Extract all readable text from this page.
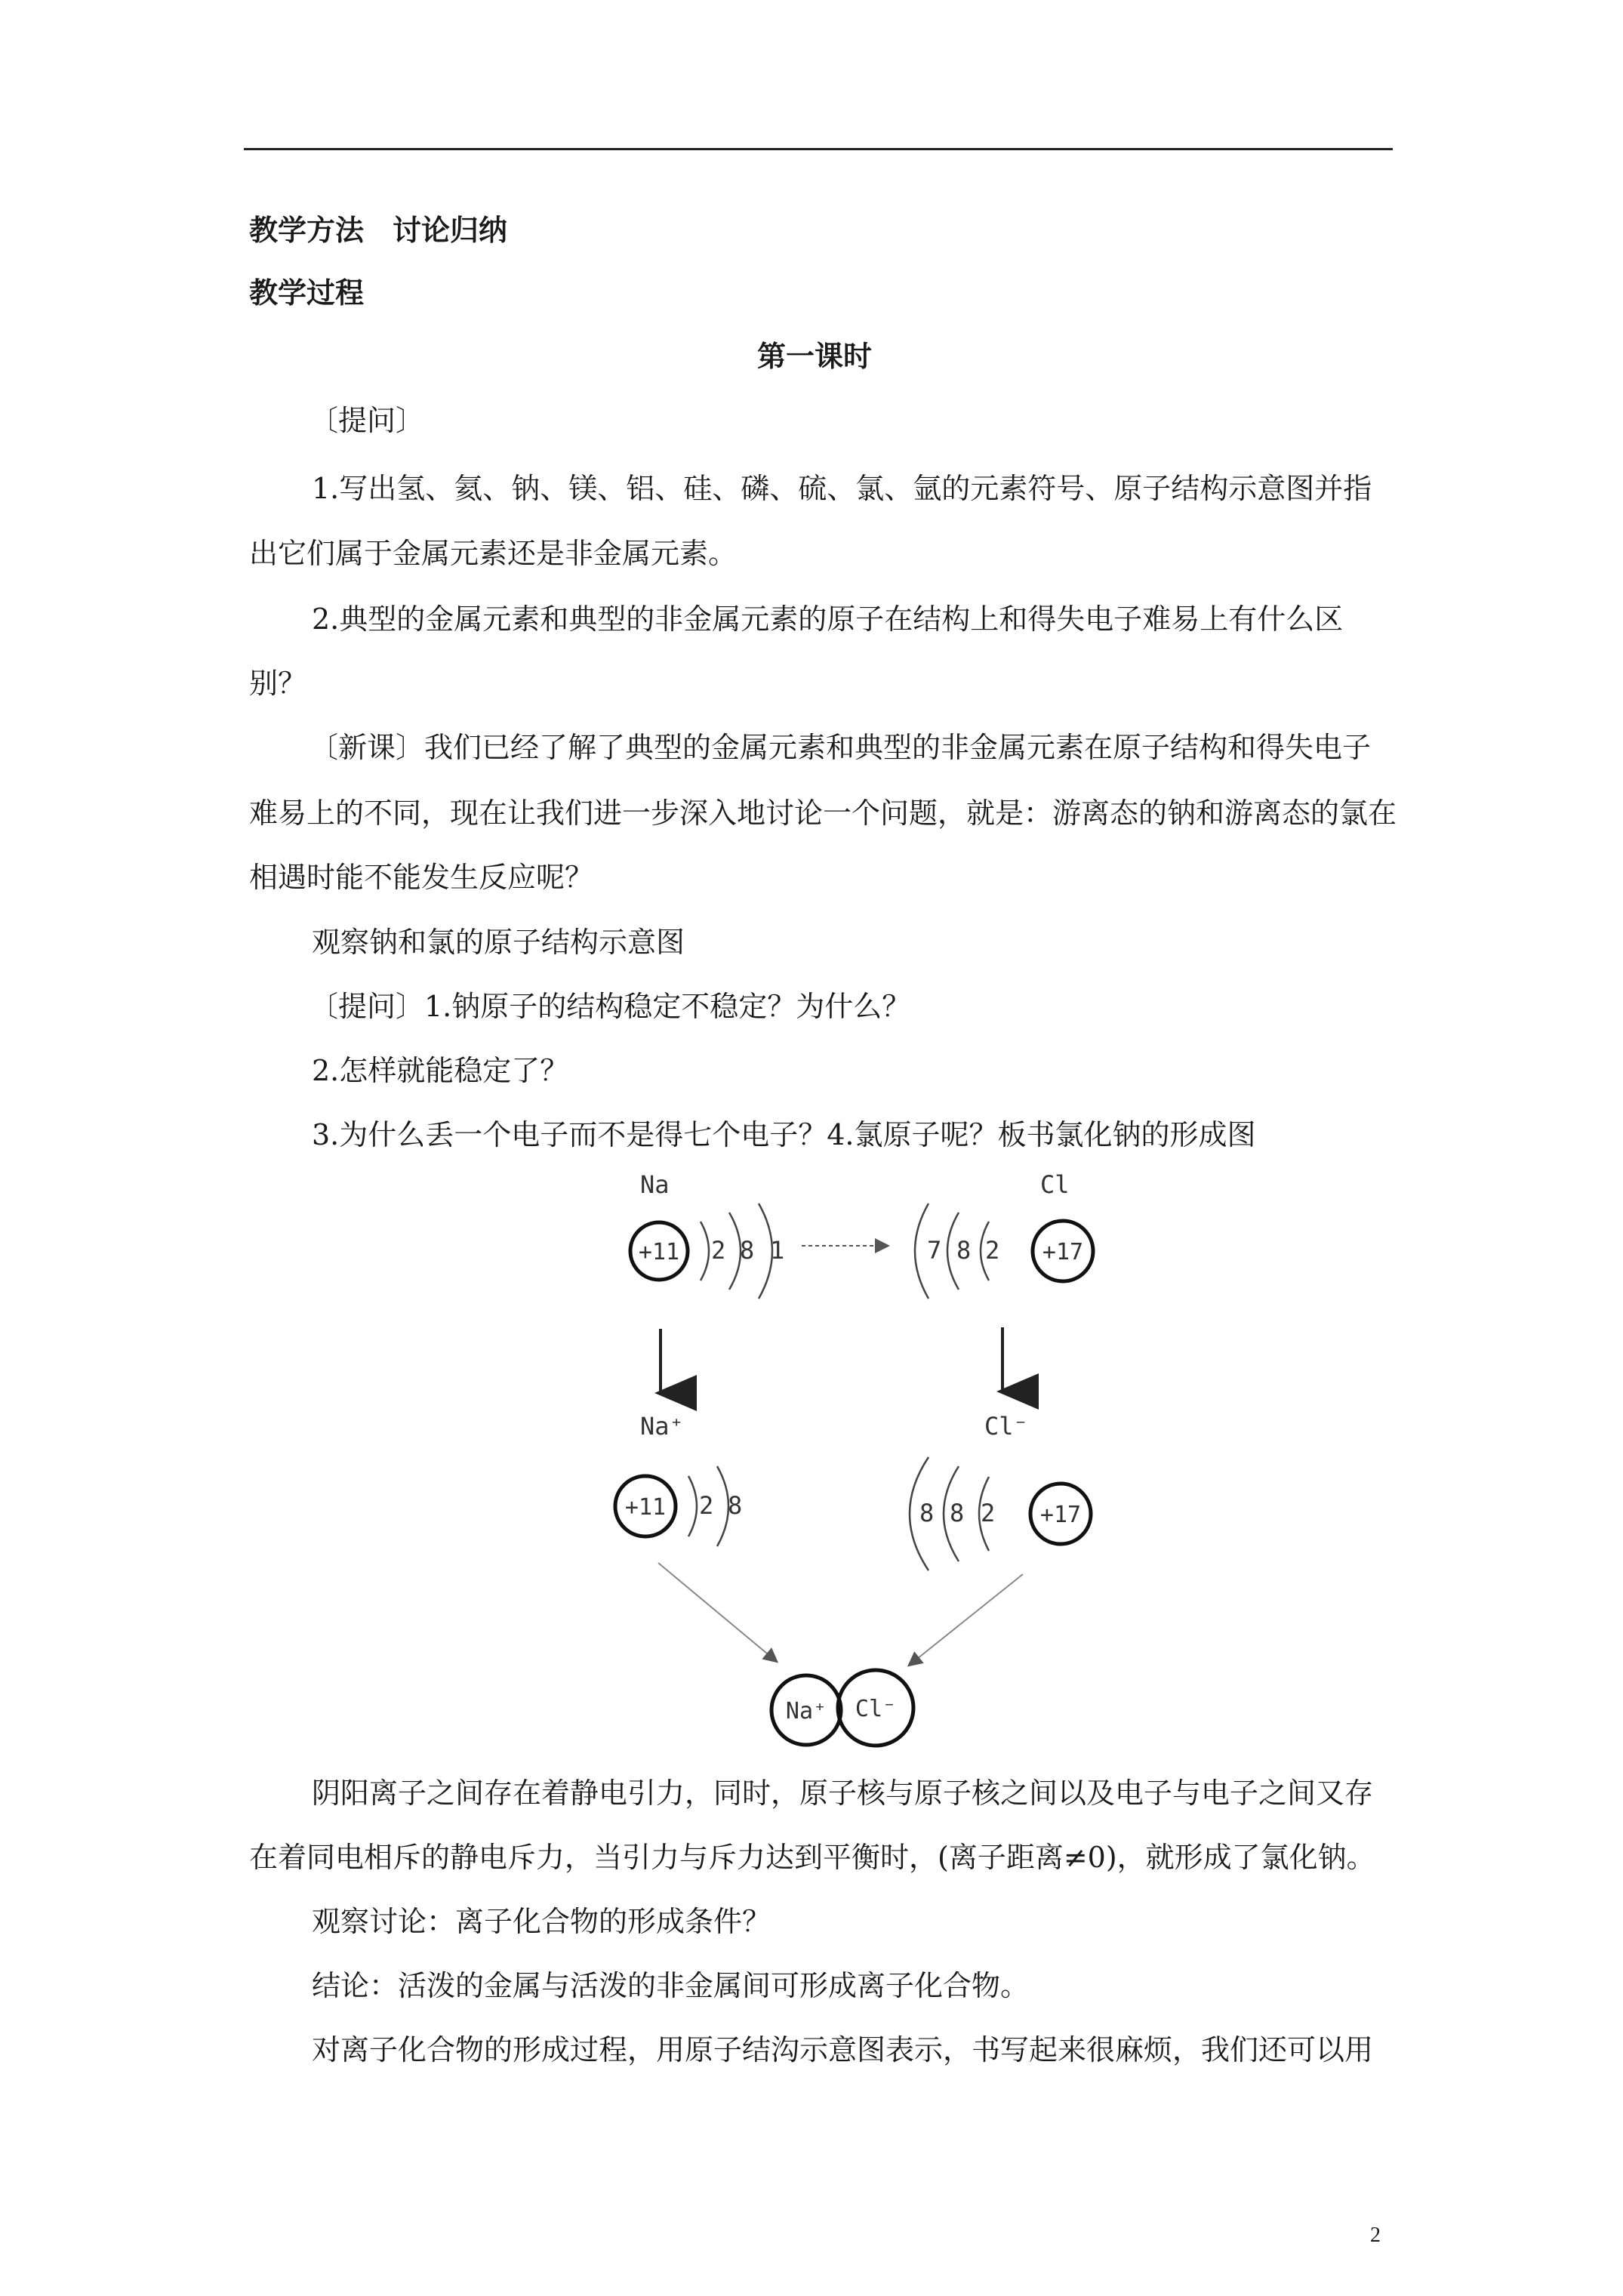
教学方法　讨论归纳
教学过程
第一课时
〔提问〕
1.写出氢、氦、钠、镁、铝、硅、磷、硫、氯、氩的元素符号、原子结构示意图并指
出它们属于金属元素还是非金属元素。
2.典型的金属元素和典型的非金属元素的原子在结构上和得失电子难易上有什么区
别？
〔新课〕我们已经了解了典型的金属元素和典型的非金属元素在原子结构和得失电子
难易上的不同，现在让我们进一步深入地讨论一个问题，就是：游离态的钠和游离态的氯在
相遇时能不能发生反应呢？
观察钠和氯的原子结构示意图
〔提问〕1.钠原子的结构稳定不稳定？为什么？
2.怎样就能稳定了？
3.为什么丢一个电子而不是得七个电子？4.氯原子呢？板书氯化钠的形成图
Na
+11 2 8 1
Cl
7 8 2 +17
Na⁺
+11 2 8
Cl⁻
8 8 2 +17
Na⁺ Cl⁻
阴阳离子之间存在着静电引力，同时，原子核与原子核之间以及电子与电子之间又存
在着同电相斥的静电斥力，当引力与斥力达到平衡时，(离子距离≠0)，就形成了氯化钠。
观察讨论：离子化合物的形成条件？
结论：活泼的金属与活泼的非金属间可形成离子化合物。
对离子化合物的形成过程，用原子结沟示意图表示，书写起来很麻烦，我们还可以用
2
